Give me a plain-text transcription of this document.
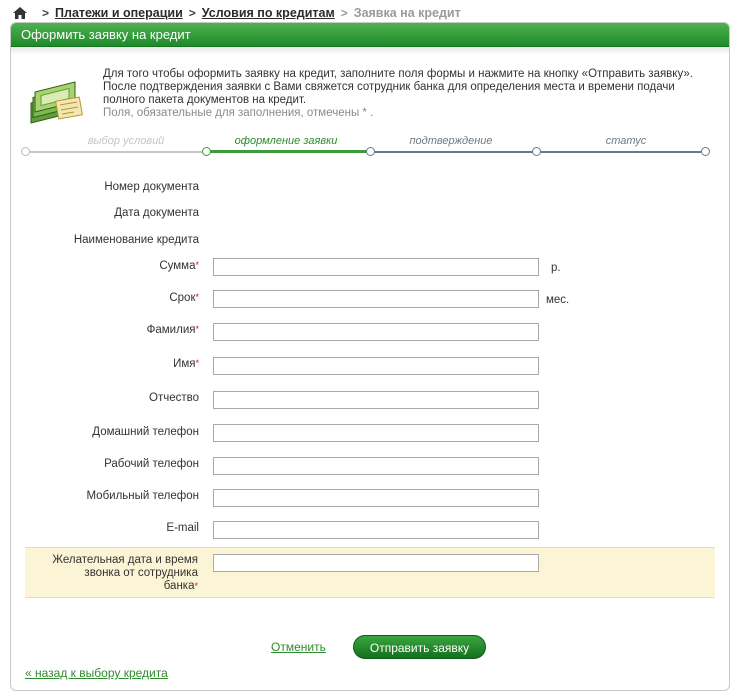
> Платежи и операции > Условия по кредитам > Заявка на кредит
Оформить заявку на кредит
Для того чтобы оформить заявку на кредит, заполните поля формы и нажмите на кнопку «Отправить заявку». После подтверждения заявки с Вами свяжется сотрудник банка для определения места и времени подачи полного пакета документов на кредит.
Поля, обязательные для заполнения, отмечены * .
выбор условий	оформление заявки	подтверждение	статус
Номер документа
Дата документа
Наименование кредита
Сумма*	р.
Срок*	мес.
Фамилия*
Имя*
Отчество
Домашний телефон
Рабочий телефон
Мобильный телефон
E-mail
Желательная дата и время
звонка от сотрудника
банка*
Отменить	Отправить заявку
« назад к выбору кредита
